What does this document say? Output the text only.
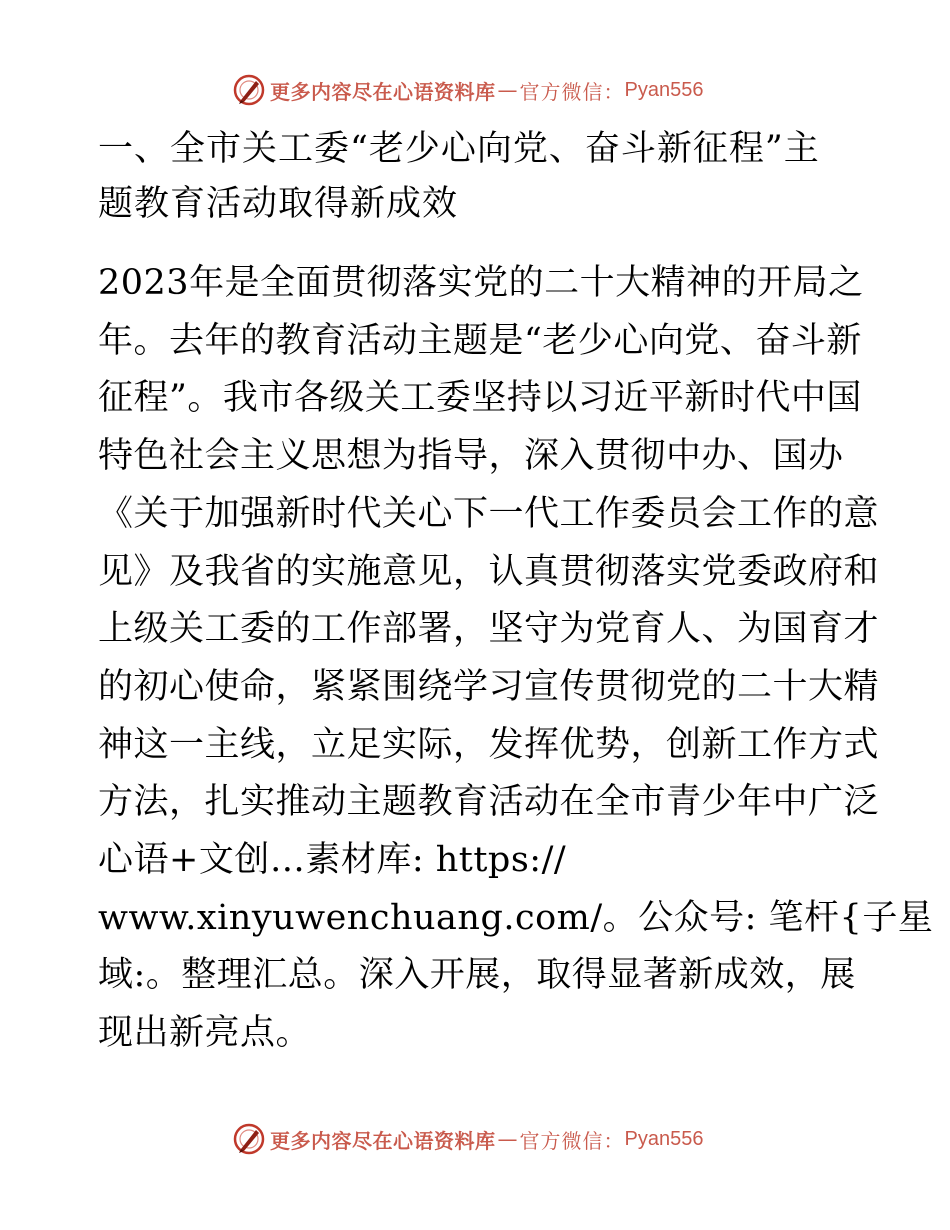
更多内容尽在心语资料库 — 官方微信： Pyan556
一、全市关工委“老少心向党、奋斗新征程”主
题教育活动取得新成效

2023年是全面贯彻落实党的二十大精神的开局之
年。去年的教育活动主题是“老少心向党、奋斗新
征程”。我市各级关工委坚持以习近平新时代中国
特色社会主义思想为指导，深入贯彻中办、国办
《关于加强新时代关心下一代工作委员会工作的意
见》及我省的实施意见，认真贯彻落实党委政府和
上级关工委的工作部署，坚守为党育人、为国育才
的初心使命，紧紧围绕学习宣传贯彻党的二十大精
神这一主线，立足实际，发挥优势，创新工作方式
方法，扎实推动主题教育活动在全市青少年中广泛
心语+文创…素材库: https://
www.xinyuwenchuang.com/。公众号: 笔杆{子星
域:。整理汇总。深入开展，取得显著新成效，展
现出新亮点。

更多内容尽在心语资料库 — 官方微信： Pyan556
